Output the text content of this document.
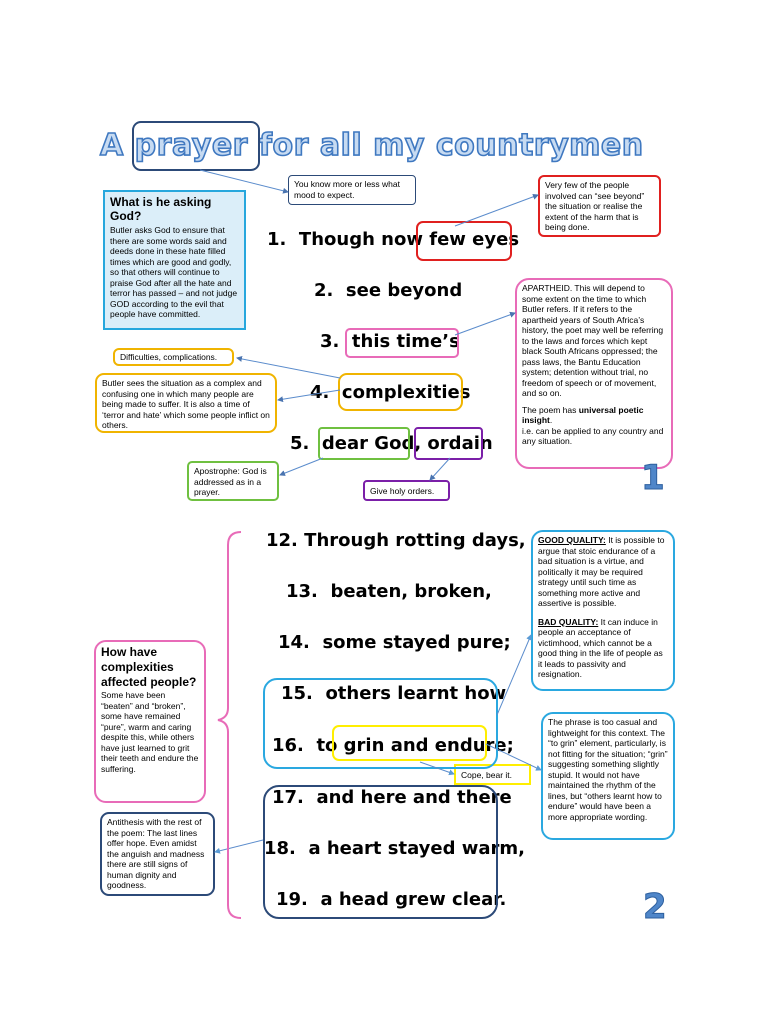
A prayer for all my countrymen
You know more or less what mood to expect.
What is he asking God?
Butler asks God to ensure that there are some words said and deeds done in these hate filled times which are good and godly, so that others will continue to praise God after all the hate and terror has passed – and not judge GOD according to the evil that people have committed.
Very few of the people involved can “see beyond” the situation or realise the extent of the harm that is being done.
APARTHEID. This will depend to some extent on the time to which Butler refers. If it refers to the apartheid years of South Africa’s history, the poet may well be referring to the laws and forces which kept black South Africans oppressed; the pass laws, the Bantu Education system; detention without trial, no freedom of speech or of movement, and so on.
The poem has universal poetic insight.
i.e. can be applied to any country and any situation.
Difficulties, complications.
Butler sees the situation as a complex and confusing one in which many people are being made to suffer. It is also a time of ‘terror and hate’ which some people inflict on others.
Apostrophe: God is addressed as in a prayer.	Give holy orders.
1. Though now few eyes
2. see beyond
3. this time’s
4. complexities
5. dear God, ordain
1
How have complexities affected people?
Some have been “beaten” and “broken”, some have remained “pure”, warm and caring despite this, while others have just learned to grit their teeth and endure the suffering.
Antithesis with the rest of the poem: The last lines offer hope. Even amidst the anguish and madness there are still signs of human dignity and goodness.
GOOD QUALITY: It is possible to argue that stoic endurance of a bad situation is a virtue, and politically it may be required strategy until such time as something more active and assertive is possible.
BAD QUALITY: It can induce in people an acceptance of victimhood, which cannot be a good thing in the life of people as it leads to passivity and resignation.
The phrase is too casual and lightweight for this context. The “to grin” element, particularly, is not fitting for the situation; “grin” suggesting something slightly stupid. It would not have maintained the rhythm of the lines, but “others learnt how to endure” would have been a more appropriate wording.
Cope, bear it.
12. Through rotting days,
13. beaten, broken,
14. some stayed pure;
15. others learnt how
16. to grin and endure;
17. and here and there
18. a heart stayed warm,
19. a head grew clear.	2
